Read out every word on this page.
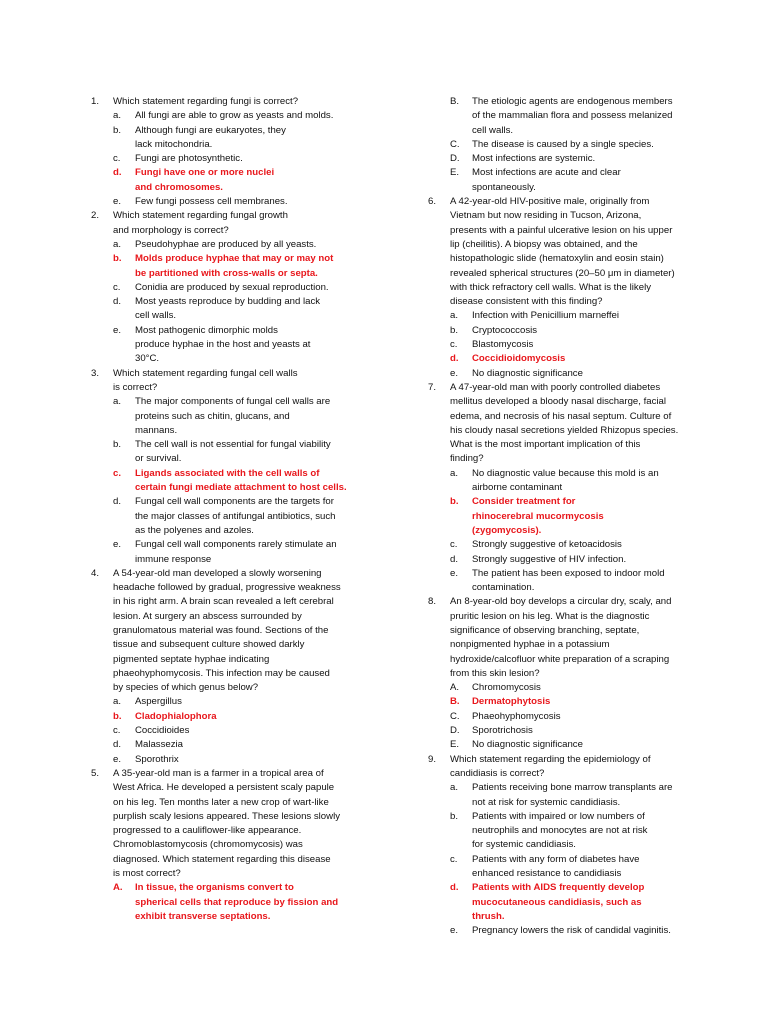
1. Which statement regarding fungi is correct?
a. All fungi are able to grow as yeasts and molds.
b. Although fungi are eukaryotes, they
lack mitochondria.
c. Fungi are photosynthetic.
d. Fungi have one or more nuclei
and chromosomes.
e. Few fungi possess cell membranes.
2. Which statement regarding fungal growth
and morphology is correct?
a. Pseudohyphae are produced by all yeasts.
b. Molds produce hyphae that may or may not
be partitioned with cross-walls or septa.
c. Conidia are produced by sexual reproduction.
d. Most yeasts reproduce by budding and lack
cell walls.
e. Most pathogenic dimorphic molds
produce hyphae in the host and yeasts at
30°C.
3. Which statement regarding fungal cell walls
is correct?
a. The major components of fungal cell walls are
proteins such as chitin, glucans, and
mannans.
b. The cell wall is not essential for fungal viability
or survival.
c. Ligands associated with the cell walls of
certain fungi mediate attachment to host cells.
d. Fungal cell wall components are the targets for
the major classes of antifungal antibiotics, such
as the polyenes and azoles.
e. Fungal cell wall components rarely stimulate an
immune response
4. A 54-year-old man developed a slowly worsening
headache followed by gradual, progressive weakness
in his right arm. A brain scan revealed a left cerebral
lesion. At surgery an abscess surrounded by
granulomatous material was found. Sections of the
tissue and subsequent culture showed darkly
pigmented septate hyphae indicating
phaeohyphomycosis. This infection may be caused
by species of which genus below?
a. Aspergillus
b. Cladophialophora
c. Coccidioides
d. Malassezia
e. Sporothrix
5. A 35-year-old man is a farmer in a tropical area of
West Africa. He developed a persistent scaly papule
on his leg. Ten months later a new crop of wart-like
purplish scaly lesions appeared. These lesions slowly
progressed to a cauliflower-like appearance.
Chromoblastomycosis (chromomycosis) was
diagnosed. Which statement regarding this disease
is most correct?
A. In tissue, the organisms convert to
spherical cells that reproduce by fission and
exhibit transverse septations.
B. The etiologic agents are endogenous members
of the mammalian flora and possess melanized
cell walls.
C. The disease is caused by a single species.
D. Most infections are systemic.
E. Most infections are acute and clear
spontaneously.
6. A 42-year-old HIV-positive male, originally from
Vietnam but now residing in Tucson, Arizona,
presents with a painful ulcerative lesion on his upper
lip (cheilitis). A biopsy was obtained, and the
histopathologic slide (hematoxylin and eosin stain)
revealed spherical structures (20–50 μm in diameter)
with thick refractory cell walls. What is the likely
disease consistent with this finding?
a. Infection with Penicillium marneffei
b. Cryptococcosis
c. Blastomycosis
d. Coccidioidomycosis
e. No diagnostic significance
7. A 47-year-old man with poorly controlled diabetes
mellitus developed a bloody nasal discharge, facial
edema, and necrosis of his nasal septum. Culture of
his cloudy nasal secretions yielded Rhizopus species.
What is the most important implication of this
finding?
a. No diagnostic value because this mold is an
airborne contaminant
b. Consider treatment for
rhinocerebral mucormycosis
(zygomycosis).
c. Strongly suggestive of ketoacidosis
d. Strongly suggestive of HIV infection.
e. The patient has been exposed to indoor mold
contamination.
8. An 8-year-old boy develops a circular dry, scaly, and
pruritic lesion on his leg. What is the diagnostic
significance of observing branching, septate,
nonpigmented hyphae in a potassium
hydroxide/calcofluor white preparation of a scraping
from this skin lesion?
A. Chromomycosis
B. Dermatophytosis
C. Phaeohyphomycosis
D. Sporotrichosis
E. No diagnostic significance
9. Which statement regarding the epidemiology of
candidiasis is correct?
a. Patients receiving bone marrow transplants are
not at risk for systemic candidiasis.
b. Patients with impaired or low numbers of
neutrophils and monocytes are not at risk
for systemic candidiasis.
c. Patients with any form of diabetes have
enhanced resistance to candidiasis
d. Patients with AIDS frequently develop
mucocutaneous candidiasis, such as
thrush.
e. Pregnancy lowers the risk of candidal vaginitis.
